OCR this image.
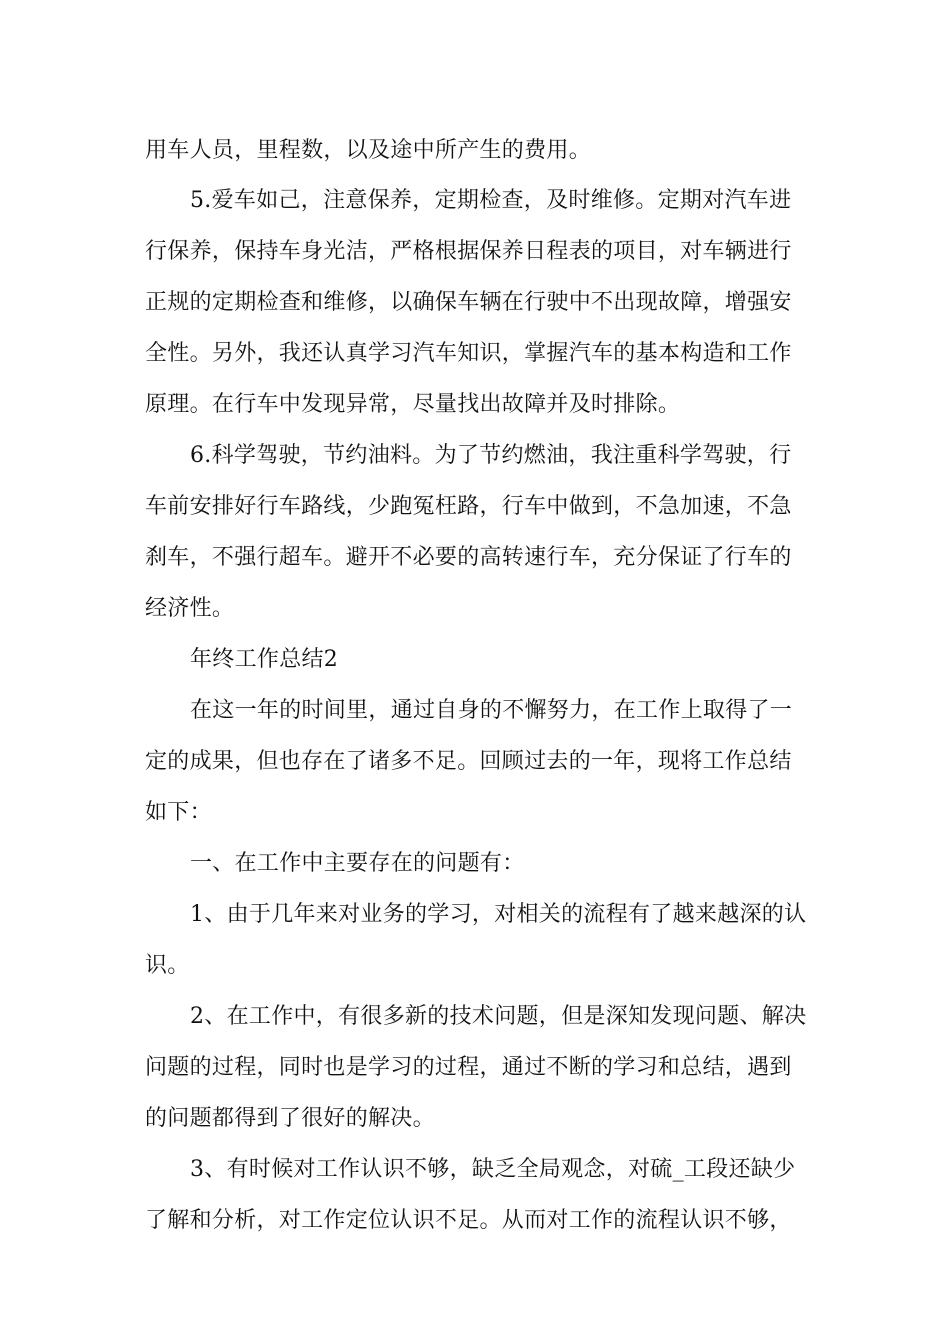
用车人员，里程数，以及途中所产生的费用。
5.爱车如己，注意保养，定期检查，及时维修。定期对汽车进
行保养，保持车身光洁，严格根据保养日程表的项目，对车辆进行
正规的定期检查和维修，以确保车辆在行驶中不出现故障，增强安
全性。另外，我还认真学习汽车知识，掌握汽车的基本构造和工作
原理。在行车中发现异常，尽量找出故障并及时排除。
6.科学驾驶，节约油料。为了节约燃油，我注重科学驾驶，行
车前安排好行车路线，少跑冤枉路，行车中做到，不急加速，不急
刹车，不强行超车。避开不必要的高转速行车，充分保证了行车的
经济性。
年终工作总结2
在这一年的时间里，通过自身的不懈努力，在工作上取得了一
定的成果，但也存在了诸多不足。回顾过去的一年，现将工作总结
如下：
一、在工作中主要存在的问题有：
1、由于几年来对业务的学习，对相关的流程有了越来越深的认
识。
2、在工作中，有很多新的技术问题，但是深知发现问题、解决
问题的过程，同时也是学习的过程，通过不断的学习和总结，遇到
的问题都得到了很好的解决。
3、有时候对工作认识不够，缺乏全局观念，对硫_工段还缺少
了解和分析，对工作定位认识不足。从而对工作的流程认识不够，
